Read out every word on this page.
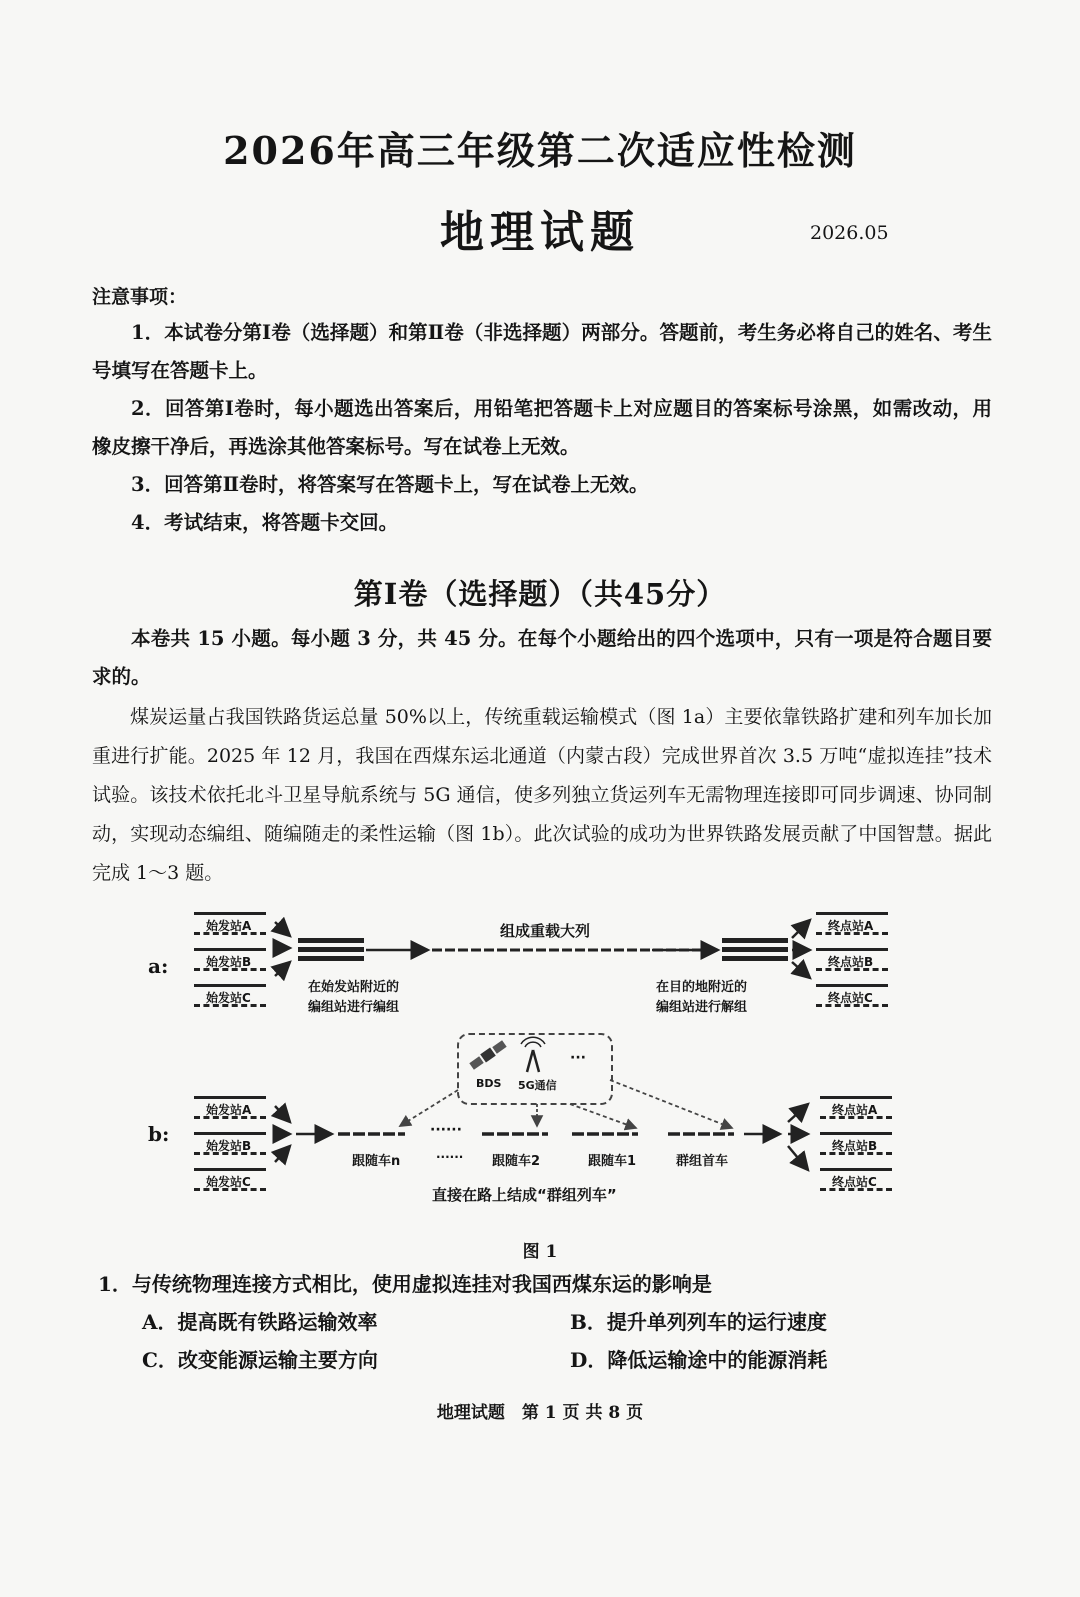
2026年高三年级第二次适应性检测
地理试题	2026.05
注意事项：

1．本试卷分第Ⅰ卷（选择题）和第Ⅱ卷（非选择题）两部分。答题前，考生务必将自己的姓名、考生号填写在答题卡上。

2．回答第Ⅰ卷时，每小题选出答案后，用铅笔把答题卡上对应题目的答案标号涂黑，如需改动，用橡皮擦干净后，再选涂其他答案标号。写在试卷上无效。

3．回答第Ⅱ卷时，将答案写在答题卡上，写在试卷上无效。

4．考试结束，将答题卡交回。

第Ⅰ卷（选择题）（共45分）

本卷共 15 小题。每小题 3 分，共 45 分。在每个小题给出的四个选项中，只有一项是符合题目要求的。

煤炭运量占我国铁路货运总量 50%以上，传统重载运输模式（图 1a）主要依靠铁路扩建和列车加长加重进行扩能。2025 年 12 月，我国在西煤东运北通道（内蒙古段）完成世界首次 3.5 万吨“虚拟连挂”技术试验。该技术依托北斗卫星导航系统与 5G 通信，使多列独立货运列车无需物理连接即可同步调速、协同制动，实现动态编组、随编随走的柔性运输（图 1b）。此次试验的成功为世界铁路发展贡献了中国智慧。据此完成 1～3 题。

a:
b:
始发站A
始发站B
始发站C
终点站A
终点站B
终点站C
组成重载大列
在始发站附近的
编组站进行编组
在目的地附近的
编组站进行解组
BDS 5G通信
···
始发站A
始发站B
始发站C
终点站A
终点站B
终点站C
跟随车n
······
······ 跟随车2	跟随车1	群组首车
直接在路上结成“群组列车”
图 1
1．与传统物理连接方式相比，使用虚拟连挂对我国西煤东运的影响是
A．提高既有铁路运输效率	B．提升单列列车的运行速度
C．改变能源运输主要方向	D．降低运输途中的能源消耗
地理试题　第 1 页 共 8 页
